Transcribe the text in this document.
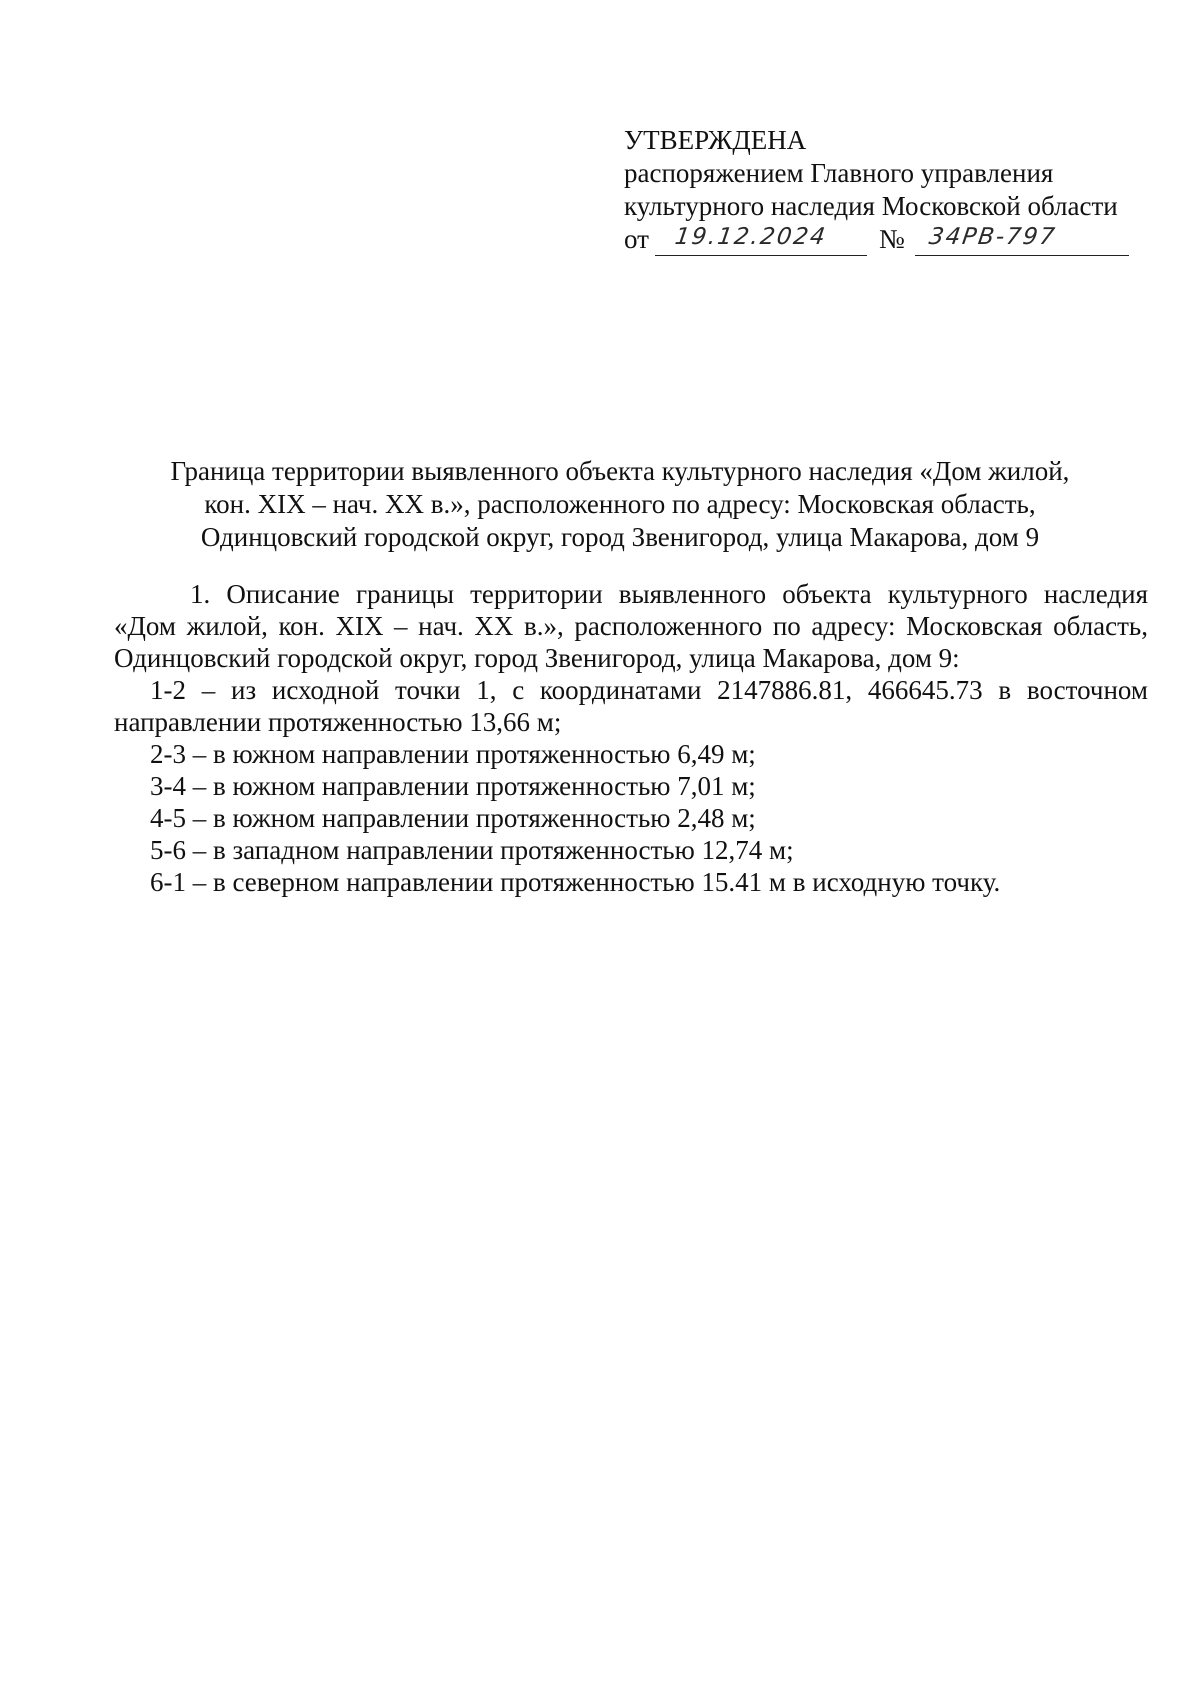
УТВЕРЖДЕНА
распоряжением Главного управления
культурного наследия Московской области
от 19.12.2024 № 34РВ-797
Граница территории выявленного объекта культурного наследия «Дом жилой,
кон. XIX – нач. XX в.», расположенного по адресу: Московская область,
Одинцовский городской округ, город Звенигород, улица Макарова, дом 9
1. Описание границы территории выявленного объекта культурного наследия
«Дом жилой, кон. XIX – нач. XX в.», расположенного по адресу: Московская область,

Одинцовский городской округ, город Звенигород, улица Макарова, дом 9:

1-2 – из исходной точки 1, с координатами 2147886.81, 466645.73 в восточном

направлении протяженностью 13,66 м;

2-3 – в южном направлении протяженностью 6,49 м;

3-4 – в южном направлении протяженностью 7,01 м;

4-5 – в южном направлении протяженностью 2,48 м;

5-6 – в западном направлении протяженностью 12,74 м;

6-1 – в северном направлении протяженностью 15.41 м в исходную точку.
